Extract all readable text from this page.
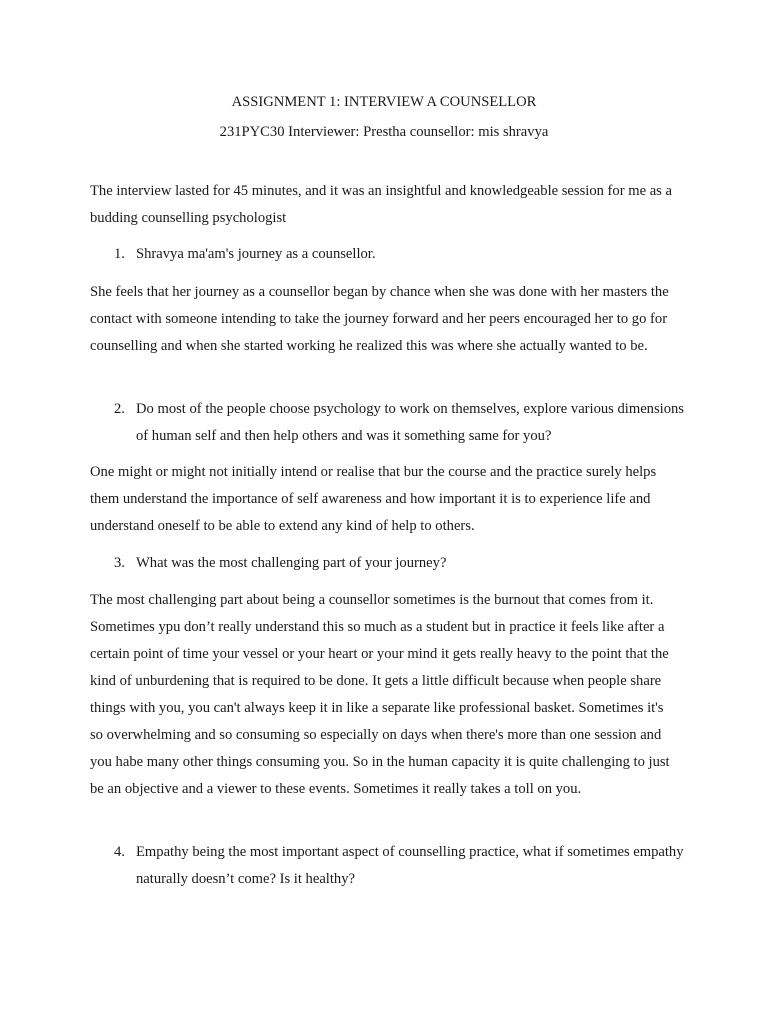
ASSIGNMENT 1: INTERVIEW A COUNSELLOR
231PYC30 Interviewer: Prestha counsellor: mis shravya

The interview lasted for 45 minutes, and it was an insightful and knowledgeable session for me as a budding counselling psychologist

1. Shravya ma'am's journey as a counsellor.

She feels that her journey as a counsellor began by chance when she was done with her masters the contact with someone intending to take the journey forward and her peers encouraged her to go for counselling and when she started working he realized this was where she actually wanted to be.

2. Do most of the people choose psychology to work on themselves, explore various dimensions of human self and then help others and was it something same for you?

One might or might not initially intend or realise that bur the course and the practice surely helps them understand the importance of self awareness and how important it is to experience life and understand oneself to be able to extend any kind of help to others.

3. What was the most challenging part of your journey?

The most challenging part about being a counsellor sometimes is the burnout that comes from it. Sometimes ypu don’t really understand this so much as a student but in practice it feels like after a certain point of time your vessel or your heart or your mind it gets really heavy to the point that the kind of unburdening that is required to be done. It gets a little difficult because when people share things with you, you can't always keep it in like a separate like professional basket. Sometimes it's so overwhelming and so consuming so especially on days when there's more than one session and you habe many other things consuming you. So in the human capacity it is quite challenging to just be an objective and a viewer to these events. Sometimes it really takes a toll on you.

4. Empathy being the most important aspect of counselling practice, what if sometimes empathy naturally doesn’t come? Is it healthy?
